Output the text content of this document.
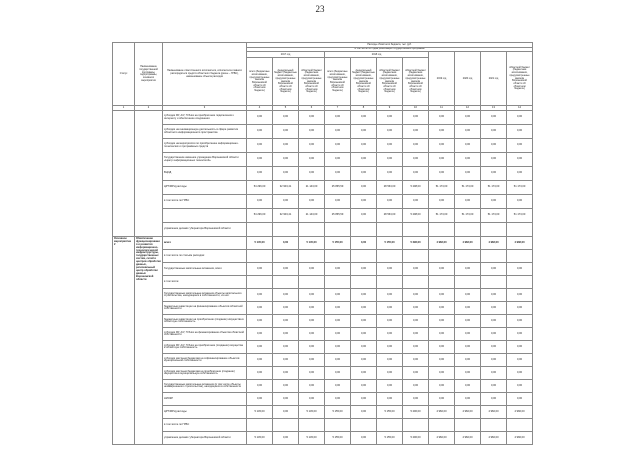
23
Статус	Наименование государственной программы, подпрограммы, основного мероприятия	Наименование ответственного исполнителя, исполнителя-главного распорядителя средств областного бюджета (далее – ГРБС), наименование объекта расходов	Расходы областного бюджета, тыс. руб.										
			в том числе по годам реализации государственной программы										
			2017 год			2018 год				2019 год	2020 год	2021 год	областной бюджет (бюджетные ассигнования, предусмотренные законом Воронежской области об областном бюджете)
			всего (бюджетные ассигнования, предусмотренные законом Воронежской области об областном бюджете)	федеральный бюджет (бюджетные ассигнования, предусмотренные законом Воронежской области об областном бюджете)	областной бюджет (бюджетные ассигнования, предусмотренные законом Воронежской области об областном бюджете)	всего (бюджетные ассигнования, предусмотренные законом Воронежской области об областном бюджете)	федеральный бюджет (бюджетные ассигнования, предусмотренные законом Воронежской области об областном бюджете)	областной бюджет (бюджетные ассигнования, предусмотренные законом Воронежской области об областном бюджете)	областной бюджет (бюджетные ассигнования, предусмотренные законом Воронежской области об областном бюджете)				
1	2	3	4	5	6	7	8	9	10	11	12	13	14
		субсидии ФУ, А/У, ГУ/Нез на приобретение подключения к интернету и обеспечение соединения	0,00	0,00	0,00	0,00	0,00	0,00	0,00	0,00	0,00	0,00	0,00
		субсидии на инновационную деятельность в сфере развития областного информационного пространства	0,00	0,00	0,00	0,00	0,00	0,00	0,00	0,00	0,00	0,00	0,00
		субсидии на мероприятия по приобретению информационно-технических и программных средств	0,00	0,00	0,00	0,00	0,00	0,00	0,00	0,00	0,00	0,00	0,00
		Государственное казенное учреждение Воронежской области «Центр информационных технологий»	0,00	0,00	0,00	0,00	0,00	0,00	0,00	0,00	0,00	0,00	0,00
		ВЦОД	0,00	0,00	0,00	0,00	0,00	0,00	0,00	0,00	0,00	0,00	0,00
		ЦРТ/МРЦ расходы	54 296,00	32 903,41	21 143,00	25 865,59	0,00	28 563,00	5 298,00	51 173,00	51 173,00	51 173,00	51 173,00
		в том числе по ГРБС	0,00	0,00	0,00	0,00	0,00	0,00	0,00	0,00	0,00	0,00	0,00
			54 296,00	32 903,41	21 143,00	25 865,59	0,00	28 563,00	5 298,00	51 173,00	51 173,00	51 173,00	51 173,00
		управление делами губернатора Воронежской области											
Основное мероприятие 2	Обеспечение функционирования и развития информационно-технологической инфраструктуры, государственных систем, сетей и центров обработки данных, региональный центр обработки данных Воронежской области	всего	5 145,00	0,00	5 145,00	5 155,00	0,00	5 155,00	5 296,00	4 982,00	4 982,00	4 982,00	4 982,00
		в том числе по статьям расходов:											
		Государственные капитальные вложения, всего	0,00	0,00	0,00	0,00	0,00	0,00	0,00	0,00	0,00	0,00	0,00
		в том числе:											
		Государственные капитальные вложения объекты капитального строительства, находящиеся в собственности, из них:	0,00	0,00	0,00	0,00	0,00	0,00	0,00	0,00	0,00	0,00	0,00
		бюджетные инвестиции на финансирование объектов областной собственности	0,00	0,00	0,00	0,00	0,00	0,00	0,00	0,00	0,00	0,00	0,00
		бюджетные инвестиции на приобретение (создание) имущества в областную собственность	0,00	0,00	0,00	0,00	0,00	0,00	0,00	0,00	0,00	0,00	0,00
		субсидии ФУ, А/У, ГУ/Нез на финансирование объектов областной собственности	0,00	0,00	0,00	0,00	0,00	0,00	0,00	0,00	0,00	0,00	0,00
		субсидии ФУ, А/У, ГУ/Нез на приобретение (создание) имущества в областную собственность	0,00	0,00	0,00	0,00	0,00	0,00	0,00	0,00	0,00	0,00	0,00
		субсидии местным бюджетам на софинансирование объектов муниципальной собственности	0,00	0,00	0,00	0,00	0,00	0,00	0,00	0,00	0,00	0,00	0,00
		субсидии местным бюджетам на приобретение (создание) имущества в муниципальную собственность	0,00	0,00	0,00	0,00	0,00	0,00	0,00	0,00	0,00	0,00	0,00
		Государственные капитальные вложения (в том числе объекты незавершенного строительства), находящиеся в собственности	0,00	0,00	0,00	0,00	0,00	0,00	0,00	0,00	0,00	0,00	0,00
		НИОКР	0,00	0,00	0,00	0,00	0,00	0,00	0,00	0,00	0,00	0,00	0,00
		ЦРТ/МРЦ расходы	5 145,00	0,00	5 145,00	5 155,00	0,00	5 155,00	5 296,00	4 982,00	4 982,00	4 982,00	4 982,00
		в том числе по ГРБС											
		управление делами губернатора Воронежской области	5 145,00	0,00	5 145,00	5 155,00	0,00	5 155,00	5 296,00	4 982,00	4 982,00	4 982,00	4 982,00
